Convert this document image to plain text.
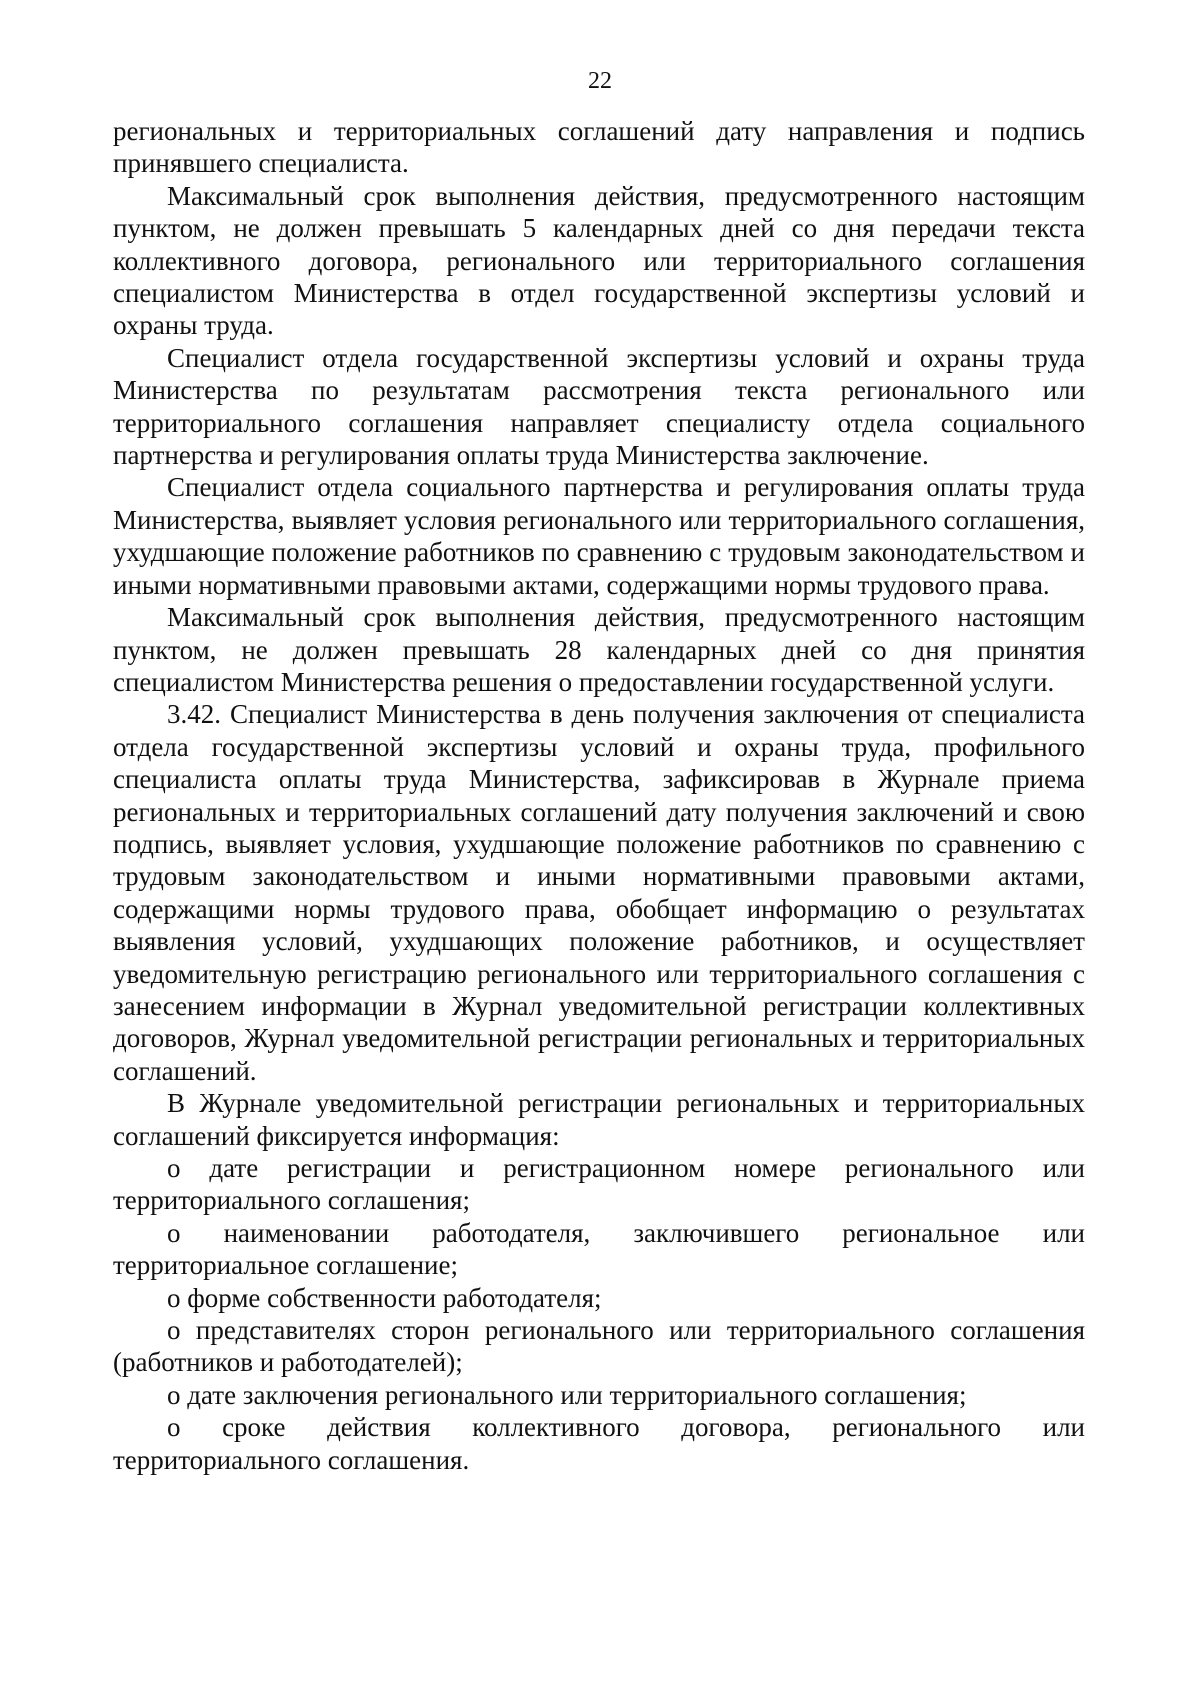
22

региональных и территориальных соглашений дату направления и подпись принявшего специалиста.

Максимальный срок выполнения действия, предусмотренного настоящим пунктом, не должен превышать 5 календарных дней со дня передачи текста коллективного договора, регионального или территориального соглашения специалистом Министерства в отдел государственной экспертизы условий и охраны труда.

Специалист отдела государственной экспертизы условий и охраны труда Министерства по результатам рассмотрения текста регионального или территориального соглашения направляет специалисту отдела социального партнерства и регулирования оплаты труда Министерства заключение.

Специалист отдела социального партнерства и регулирования оплаты труда Министерства, выявляет условия регионального или территориального соглашения, ухудшающие положение работников по сравнению с трудовым законодательством и иными нормативными правовыми актами, содержащими нормы трудового права.

Максимальный срок выполнения действия, предусмотренного настоящим пунктом, не должен превышать 28 календарных дней со дня принятия специалистом Министерства решения о предоставлении государственной услуги.

3.42. Специалист Министерства в день получения заключения от специалиста отдела государственной экспертизы условий и охраны труда, профильного специалиста оплаты труда Министерства, зафиксировав в Журнале приема региональных и территориальных соглашений дату получения заключений и свою подпись, выявляет условия, ухудшающие положение работников по сравнению с трудовым законодательством и иными нормативными правовыми актами, содержащими нормы трудового права, обобщает информацию о результатах выявления условий, ухудшающих положение работников, и осуществляет уведомительную регистрацию регионального или территориального соглашения с занесением информации в Журнал уведомительной регистрации коллективных договоров, Журнал уведомительной регистрации региональных и территориальных соглашений.

В Журнале уведомительной регистрации региональных и территориальных соглашений фиксируется информация:

о дате регистрации и регистрационном номере регионального или территориального соглашения;

о наименовании работодателя, заключившего региональное или территориальное соглашение;

о форме собственности работодателя;

о представителях сторон регионального или территориального соглашения (работников и работодателей);

о дате заключения регионального или территориального соглашения;

о сроке действия коллективного договора, регионального или территориального соглашения.
